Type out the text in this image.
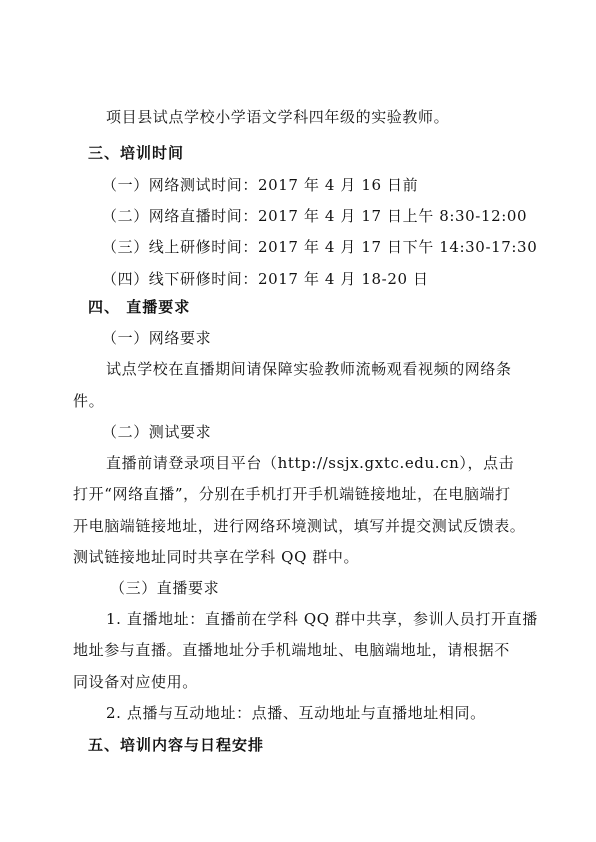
项目县试点学校小学语文学科四年级的实验教师。
三、培训时间
（一）网络测试时间：2017 年 4 月 16 日前
（二）网络直播时间：2017 年 4 月 17 日上午 8:30-12:00
（三）线上研修时间：2017 年 4 月 17 日下午 14:30-17:30
（四）线下研修时间：2017 年 4 月 18-20 日
四、 直播要求
（一）网络要求
试点学校在直播期间请保障实验教师流畅观看视频的网络条
件。
（二）测试要求
直播前请登录项目平台（http://ssjx.gxtc.edu.cn），点击
打开“网络直播”，分别在手机打开手机端链接地址，在电脑端打
开电脑端链接地址，进行网络环境测试，填写并提交测试反馈表。
测试链接地址同时共享在学科 QQ 群中。
（三）直播要求
1. 直播地址：直播前在学科 QQ 群中共享，参训人员打开直播
地址参与直播。直播地址分手机端地址、电脑端地址，请根据不
同设备对应使用。
2. 点播与互动地址：点播、互动地址与直播地址相同。
五、培训内容与日程安排
